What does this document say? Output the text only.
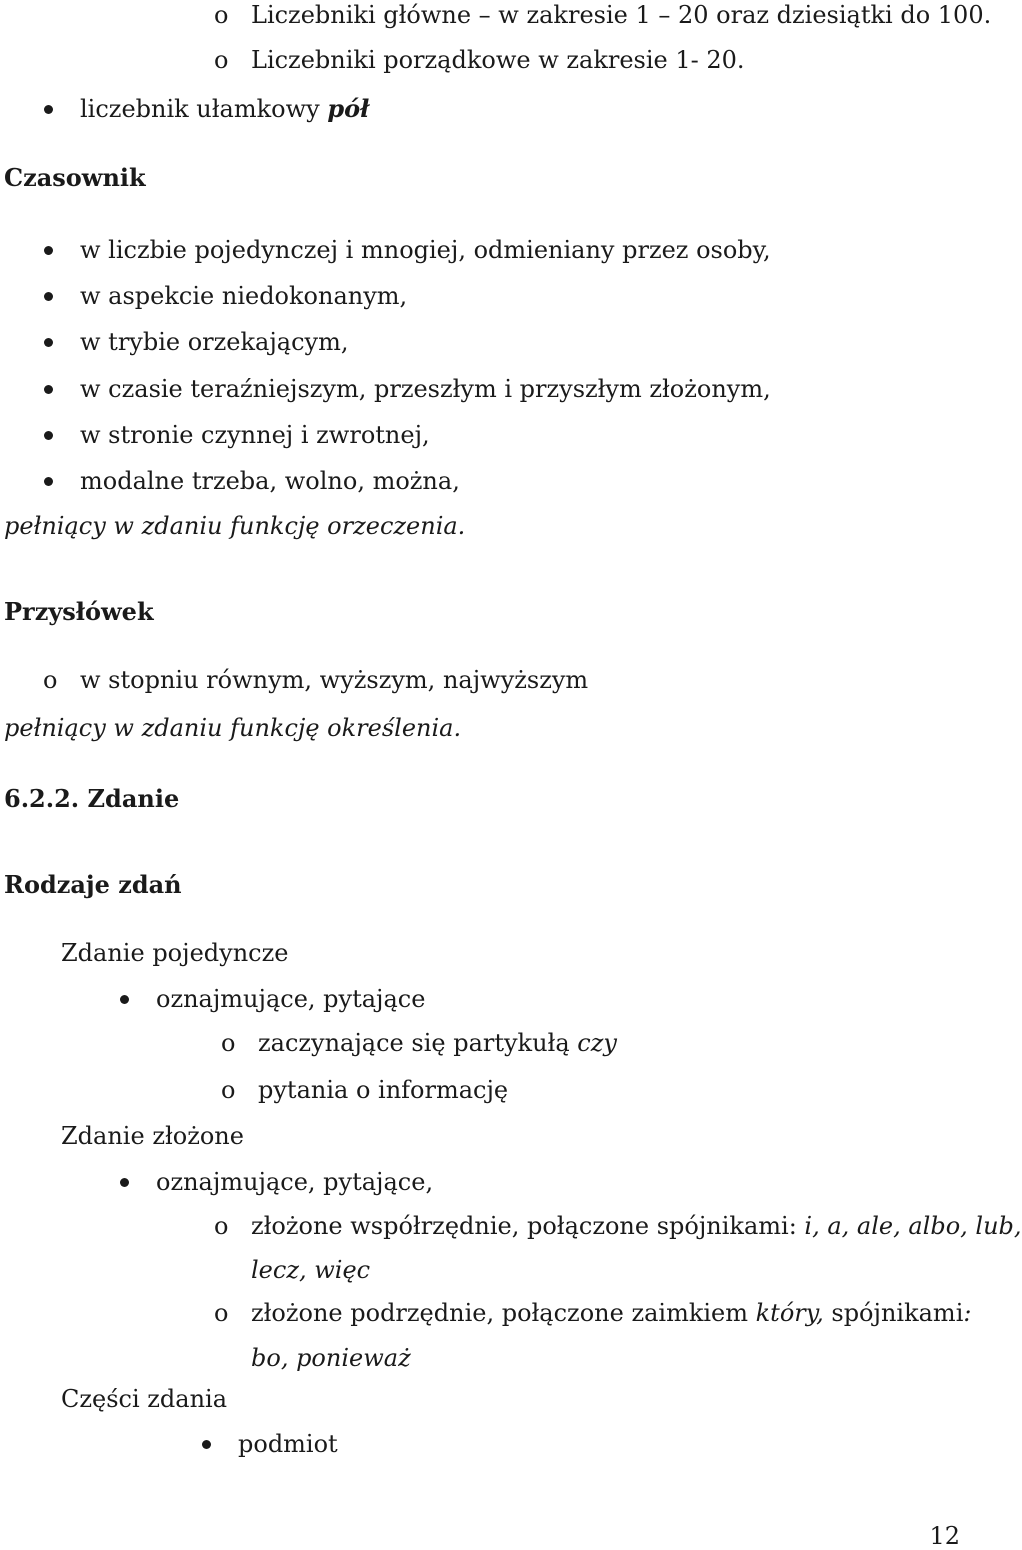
o Liczebniki główne – w zakresie 1 – 20 oraz dziesiątki do 100.
o Liczebniki porządkowe w zakresie 1- 20.
liczebnik ułamkowy pół
Czasownik
w liczbie pojedynczej i mnogiej, odmieniany przez osoby,
w aspekcie niedokonanym,
w trybie orzekającym,
w czasie teraźniejszym, przeszłym i przyszłym złożonym,
w stronie czynnej i zwrotnej,
modalne trzeba, wolno, można,
pełniący w zdaniu funkcję orzeczenia.
Przysłówek
o w stopniu równym, wyższym, najwyższym
pełniący w zdaniu funkcję określenia.
6.2.2. Zdanie
Rodzaje zdań
Zdanie pojedyncze
oznajmujące, pytające
o zaczynające się partykułą czy
o pytania o informację
Zdanie złożone
oznajmujące, pytające,
o złożone współrzędnie, połączone spójnikami: i, a, ale, albo, lub,
lecz, więc
o złożone podrzędnie, połączone zaimkiem który, spójnikami:
bo, ponieważ
Części zdania
podmiot
12
